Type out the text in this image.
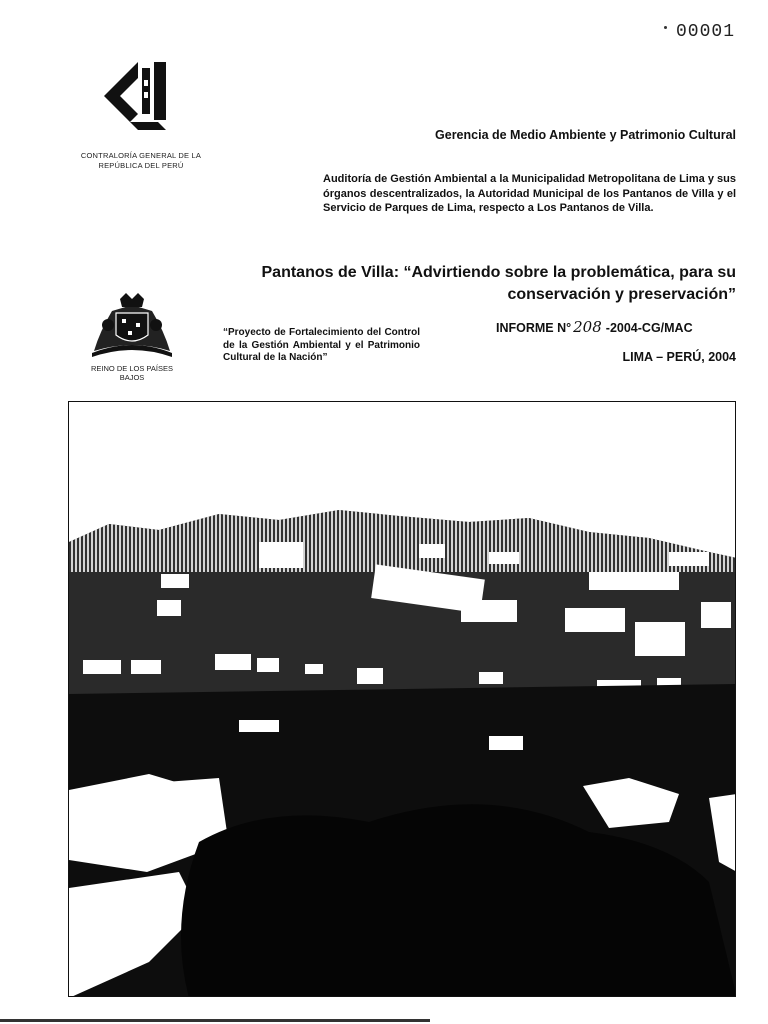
00001
CONTRALORÍA GENERAL DE LA REPÚBLICA DEL PERÚ
Gerencia de Medio Ambiente y Patrimonio Cultural
Auditoría de Gestión Ambiental a la Municipalidad Metropolitana de Lima y sus órganos descentralizados, la Autoridad Municipal de los Pantanos de Villa y el Servicio de Parques de Lima, respecto a Los Pantanos de Villa.
Pantanos de Villa: “Advirtiendo sobre la problemática, para su
conservación y preservación”
REINO DE LOS PAÍSES BAJOS
“Proyecto de Fortalecimiento del Control de la Gestión Ambiental y el Patrimonio Cultural de la Nación”
INFORME N° 208 -2004-CG/MAC
LIMA – PERÚ, 2004
